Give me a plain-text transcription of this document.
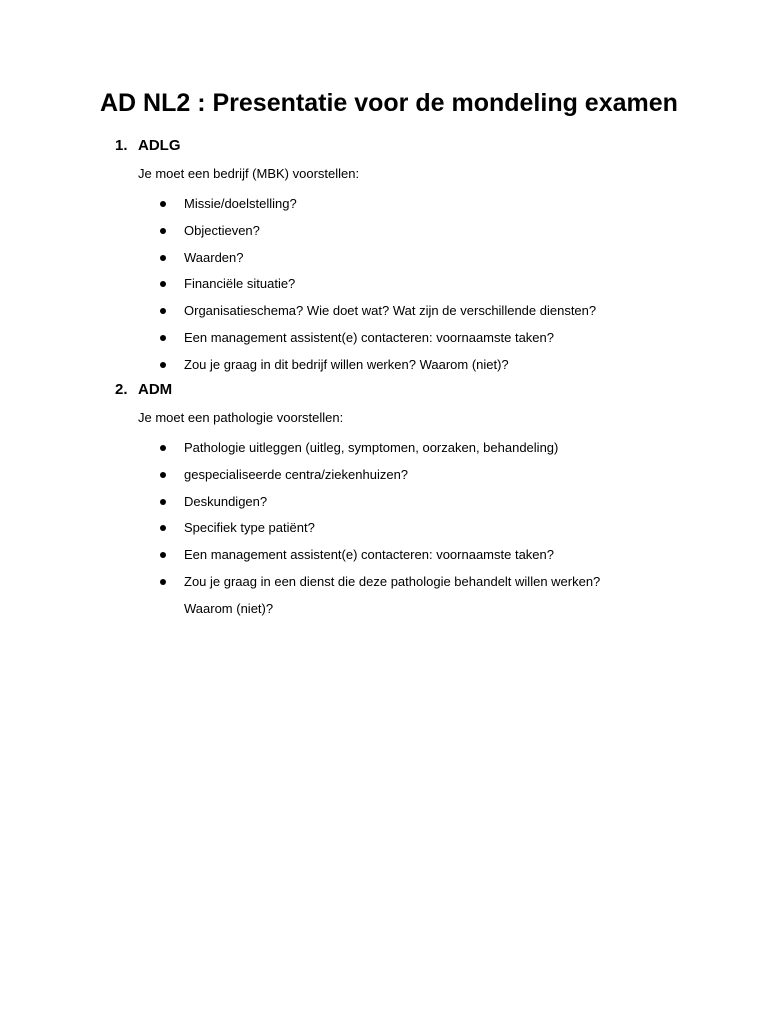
AD NL2 : Presentatie voor de mondeling examen
1. ADLG
Je moet een bedrijf (MBK) voorstellen:
Missie/doelstelling?
Objectieven?
Waarden?
Financiële situatie?
Organisatieschema? Wie doet wat? Wat zijn de verschillende diensten?
Een management assistent(e) contacteren: voornaamste taken?
Zou je graag in dit bedrijf willen werken? Waarom (niet)?
2. ADM
Je moet een pathologie voorstellen:
Pathologie uitleggen (uitleg, symptomen, oorzaken, behandeling)
gespecialiseerde centra/ziekenhuizen?
Deskundigen?
Specifiek type patiënt?
Een management assistent(e) contacteren: voornaamste taken?
Zou je graag in een dienst die deze pathologie behandelt willen werken? Waarom (niet)?
